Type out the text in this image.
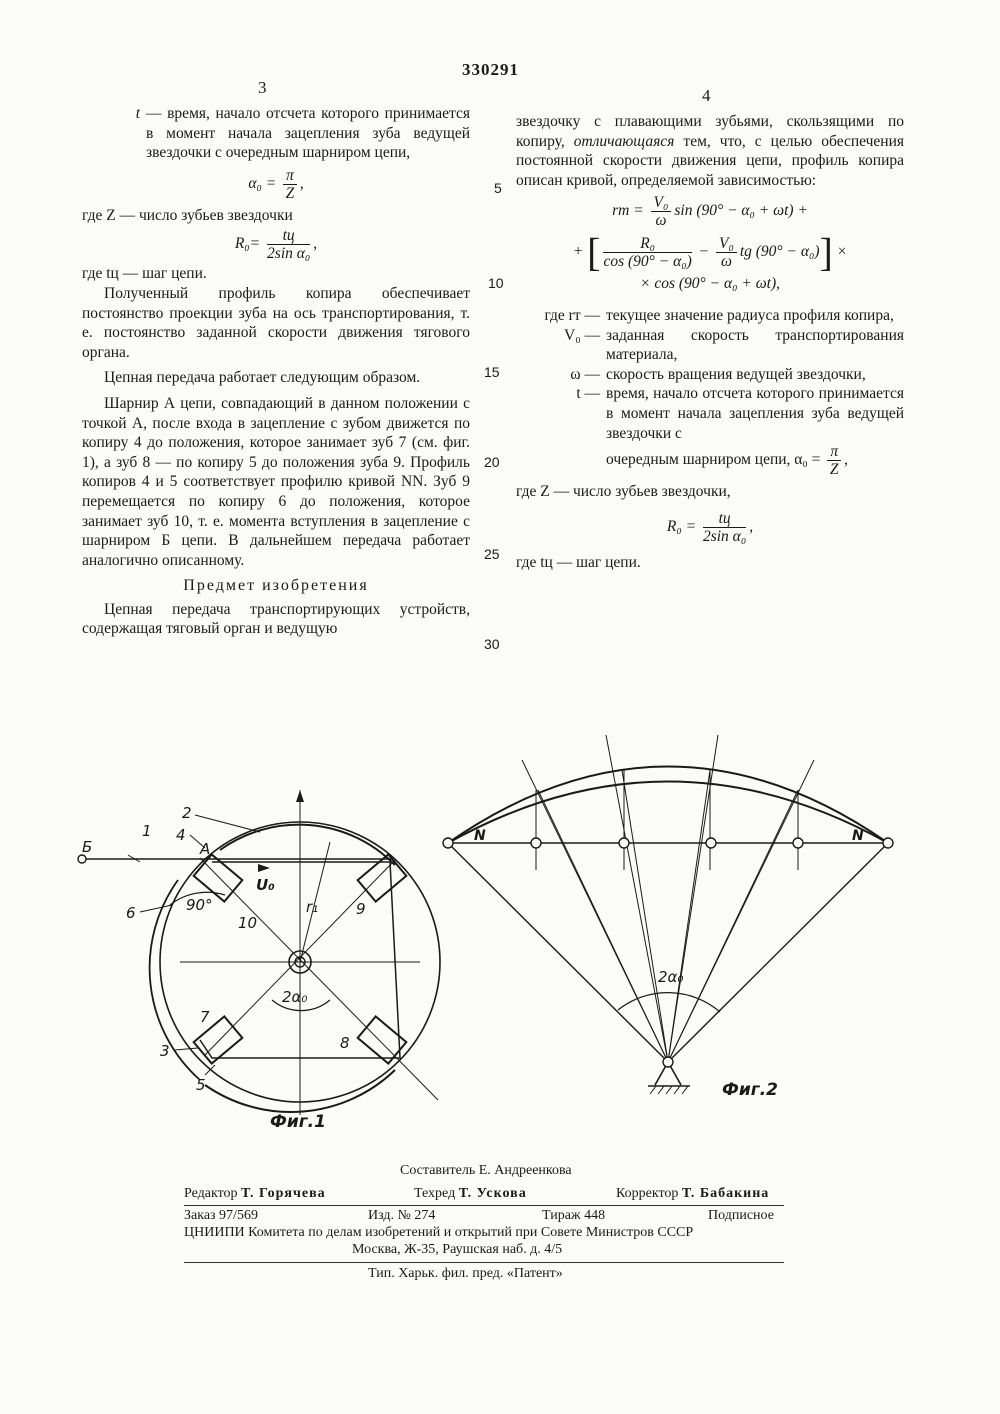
330291
3	4
t — время, начало отсчета которого принимается в момент начала зацепления зуба ведущей звездочки с очередным шарниром цепи,
$\alpha_0 = \frac{\pi}{Z}$ ,

где Z — число зубьев звездочки

$R_0= \frac{tц}{\text{2sin α₀}}$ ,

где tц — шаг цепи.

Полученный профиль копира обеспечивает постоянство проекции зуба на ось транспортирования, т. е. постоянство заданной скорости движения тягового органа.

Цепная передача работает следующим образом.

Шарнир А цепи, совпадающий в данном положении с точкой А, после входа в зацепление с зубом движется по копиру 4 до положения, которое занимает зуб 7 (см. фиг. 1), а зуб 8 — по копиру 5 до положения зуба 9. Профиль копиров 4 и 5 соответствует профилю кривой NN. Зуб 9 перемещается по копиру 6 до положения, которое занимает зуб 10, т. е. момента вступления в зацепление с шарниром Б цепи. В дальнейшем передача работает аналогично описанному.

Предмет изобретения

Цепная передача транспортирующих устройств, содержащая тяговый орган и ведущую

5
10
15
20
25
30

звездочку с плавающими зубьями, скользящими по копиру, отличающаяся тем, что, с целью обеспечения постоянной скорости движения цепи, профиль копира описан кривой, определяемой зависимостью:

rт = $\frac{\text{V₀}}{\omega}$ sin (90° − α₀ + ωt) +
+ [ $\frac{\text{R₀}}{\text{cos (90° − α₀)}} - \frac{\text{V₀}}{\omega}$ tg (90° − α₀)] ×
× cos (90° − α₀ + ωt),
где rт — текущее значение радиуса профиля копира,
V₀ — заданная скорость транспортирования материала,
ω — скорость вращения ведущей звездочки,
t — время, начало отсчета которого принимается в момент начала зацепления зуба ведущей звездочки с
очередным шарниром цепи, $\alpha_0 = \frac{\pi}{Z}$ ,

где Z — число зубьев звездочки,

$R_0 = \frac{tц}{\text{2sin α₀}}$ ,

где tц — шаг цепи.

1
2
3
4
5
6
7
8
9
10
Б	A
U₀
90°	r₁
2α₀
Фиг.1
N	N
2α₀
Фиг.2
Составитель Е. Андреенкова
Редактор Т. Горячева	Техред Т. Ускова	Корректор Т. Бабакина
Заказ 97/569	Изд. № 274	Тираж 448	Подписное
ЦНИИПИ Комитета по делам изобретений и открытий при Совете Министров СССР
Москва, Ж-35, Раушская наб. д. 4/5
Тип. Харьк. фил. пред. «Патент»
